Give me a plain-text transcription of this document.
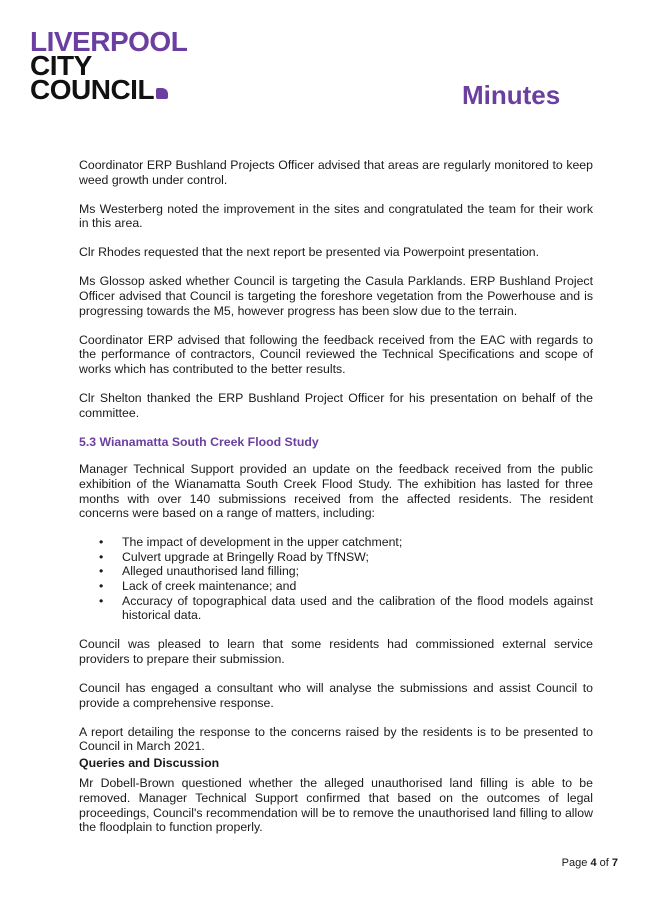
LIVERPOOL
CITY
COUNCIL	Minutes

Coordinator ERP Bushland Projects Officer advised that areas are regularly monitored to keep weed growth under control.

Ms Westerberg noted the improvement in the sites and congratulated the team for their work in this area.

Clr Rhodes requested that the next report be presented via Powerpoint presentation.

Ms Glossop asked whether Council is targeting the Casula Parklands. ERP Bushland Project Officer advised that Council is targeting the foreshore vegetation from the Powerhouse and is progressing towards the M5, however progress has been slow due to the terrain.

Coordinator ERP advised that following the feedback received from the EAC with regards to the performance of contractors, Council reviewed the Technical Specifications and scope of works which has contributed to the better results.

Clr Shelton thanked the ERP Bushland Project Officer for his presentation on behalf of the committee.

5.3 Wianamatta South Creek Flood Study

Manager Technical Support provided an update on the feedback received from the public exhibition of the Wianamatta South Creek Flood Study. The exhibition has lasted for three months with over 140 submissions received from the affected residents. The resident concerns were based on a range of matters, including:

• The impact of development in the upper catchment;
• Culvert upgrade at Bringelly Road by TfNSW;
• Alleged unauthorised land filling;
• Lack of creek maintenance; and
• Accuracy of topographical data used and the calibration of the flood models against historical data.

Council was pleased to learn that some residents had commissioned external service providers to prepare their submission.

Council has engaged a consultant who will analyse the submissions and assist Council to provide a comprehensive response.

A report detailing the response to the concerns raised by the residents is to be presented to Council in March 2021.

Queries and Discussion

Mr Dobell-Brown questioned whether the alleged unauthorised land filling is able to be removed. Manager Technical Support confirmed that based on the outcomes of legal proceedings, Council's recommendation will be to remove the unauthorised land filling to allow the floodplain to function properly.

Page 4 of 7
